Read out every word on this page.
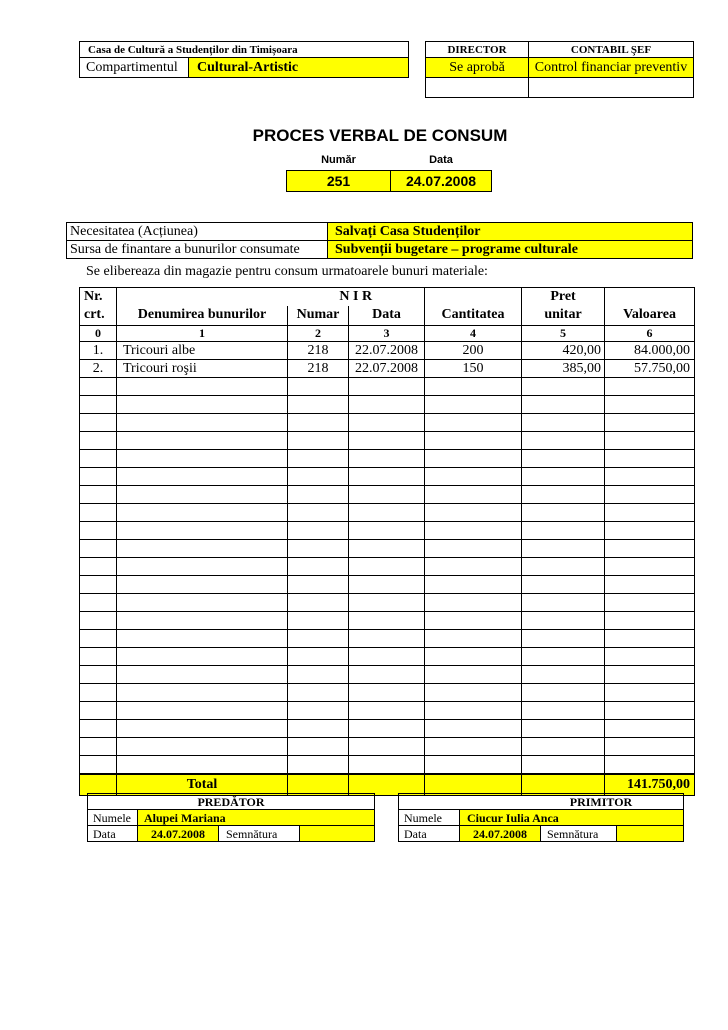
Casa de Cultură a Studenților din Timișoara
Compartimentul	Cultural-Artistic
DIRECTOR	CONTABIL ŞEF
Se aprobă	Control financiar preventiv
PROCES VERBAL DE CONSUM
Număr	Data
251	24.07.2008
Necesitatea (Acțiunea)	Salvați Casa Studenților
Sursa de finantare a bunurilor consumate	Subvenții bugetare – programe culturale
Se elibereaza din magazie pentru consum urmatoarele bunuri materiale:
Nr.		N I R			Pret	
crt.	Denumirea bunurilor	Numar	Data	Cantitatea	unitar	Valoarea
0	1	2	3	4	5	6
1.	Tricouri albe	218	22.07.2008	200	420,00	84.000,00
2.	Tricouri roşii	218	22.07.2008	150	385,00	57.750,00

	Total					141.750,00
PREDĂTOR
Numele	Alupei Mariana
Data	24.07.2008	Semnătura
PRIMITOR
Numele	Ciucur Iulia Anca
Data	24.07.2008	Semnătura
